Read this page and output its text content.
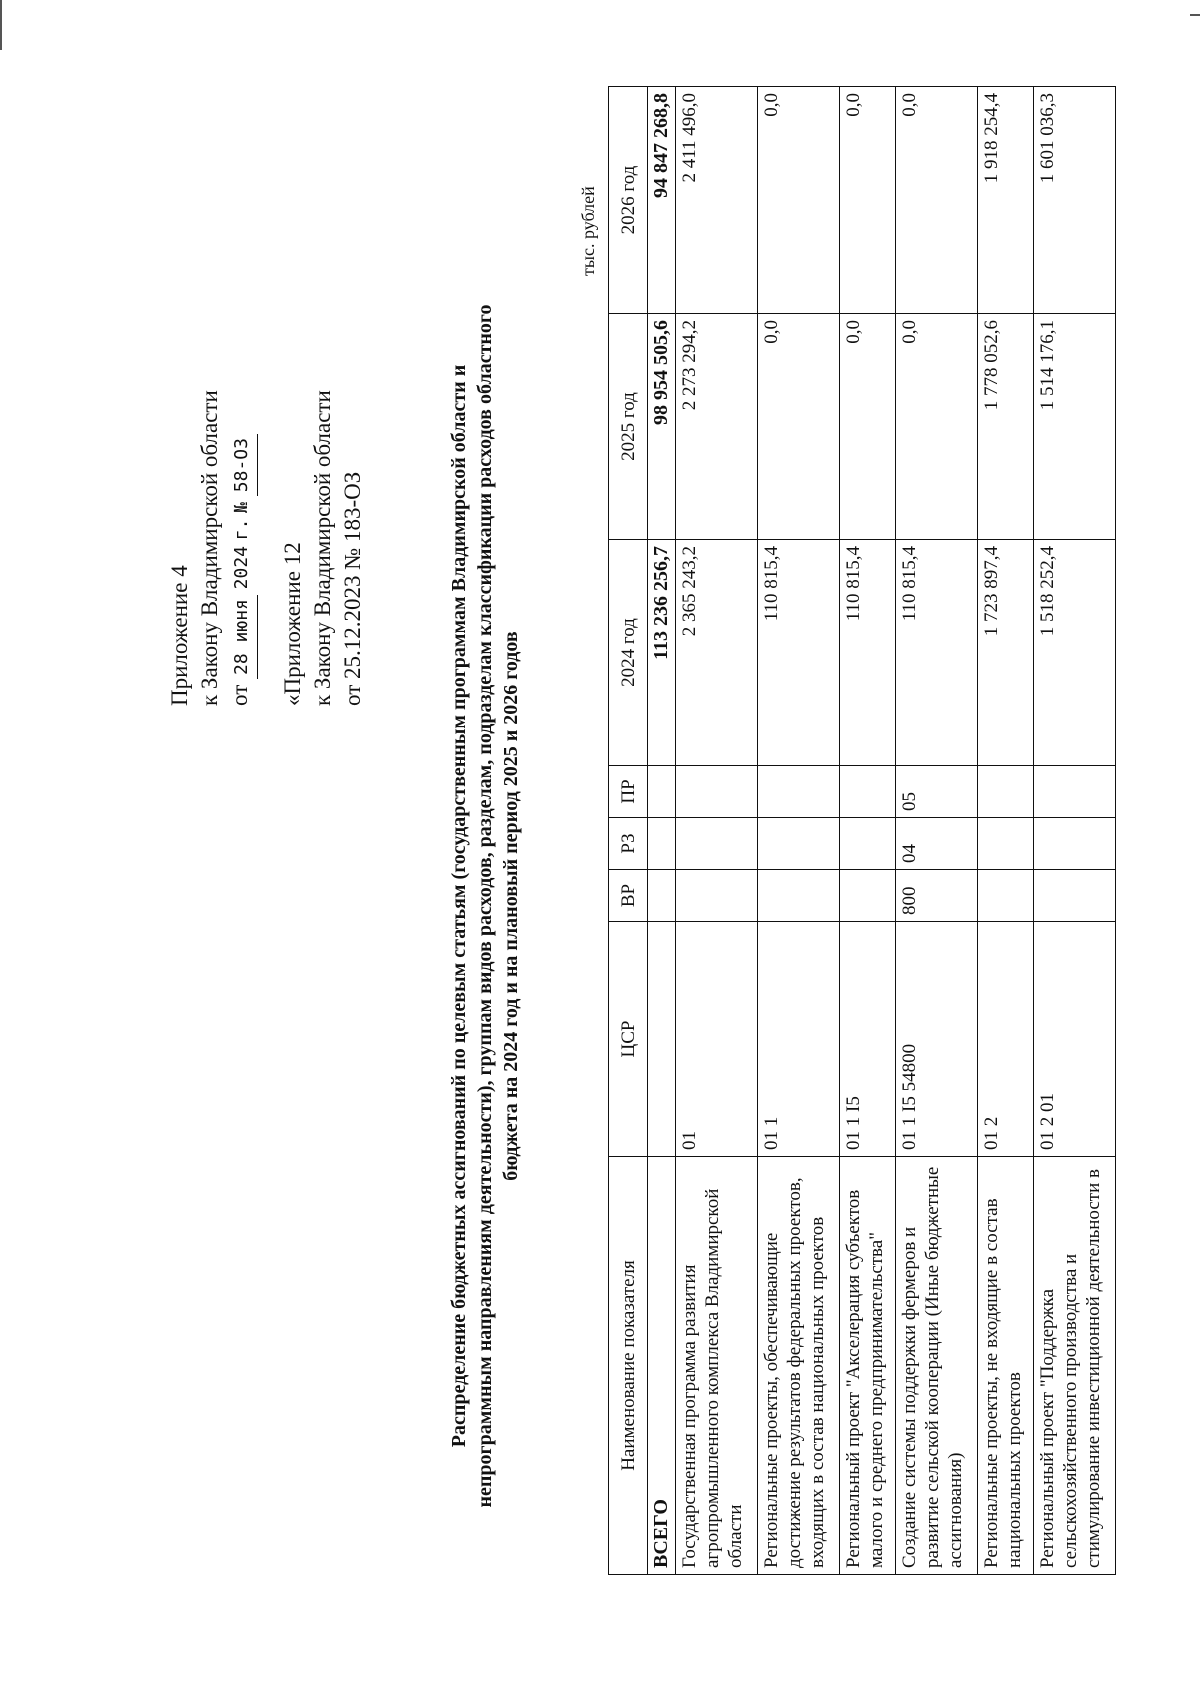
Приложение 4 к Закону Владимирской области от 28 июня 2024 г. № 58-ОЗ
«Приложение 12 к Закону Владимирской области от 25.12.2023 № 183-ОЗ	Распределение бюджетных ассигнований по целевым статьям (государственным программам Владимирской области и непрограммным направлениям деятельности), группам видов расходов, разделам, подразделам классификации расходов областного бюджета на 2024 год и на плановый период 2025 и 2026 годов
тыс. рублей
Наименование показателя	ЦСР	ВР	РЗ	ПР	2024 год	2025 год	2026 год
ВСЕГО					113 236 256,7	98 954 505,6	94 847 268,8
Государственная программа развития агропромышленного комплекса Владимирской области	01				2 365 243,2	2 273 294,2	2 411 496,0
Региональные проекты, обеспечивающие достижение результатов федеральных проектов, входящих в состав национальных проектов	01 1				110 815,4	0,0	0,0
Региональный проект "Акселерация субъектов малого и среднего предпринимательства"	01 1 I5				110 815,4	0,0	0,0
Создание системы поддержки фермеров и развитие сельской кооперации (Иные бюджетные ассигнования)	01 1 I5 54800	800	04	05	110 815,4	0,0	0,0
Региональные проекты, не входящие в состав национальных проектов	01 2				1 723 897,4	1 778 052,6	1 918 254,4
Региональный проект "Поддержка сельскохозяйственного производства и стимулирование инвестиционной деятельности в	01 2 01				1 518 252,4	1 514 176,1	1 601 036,3
